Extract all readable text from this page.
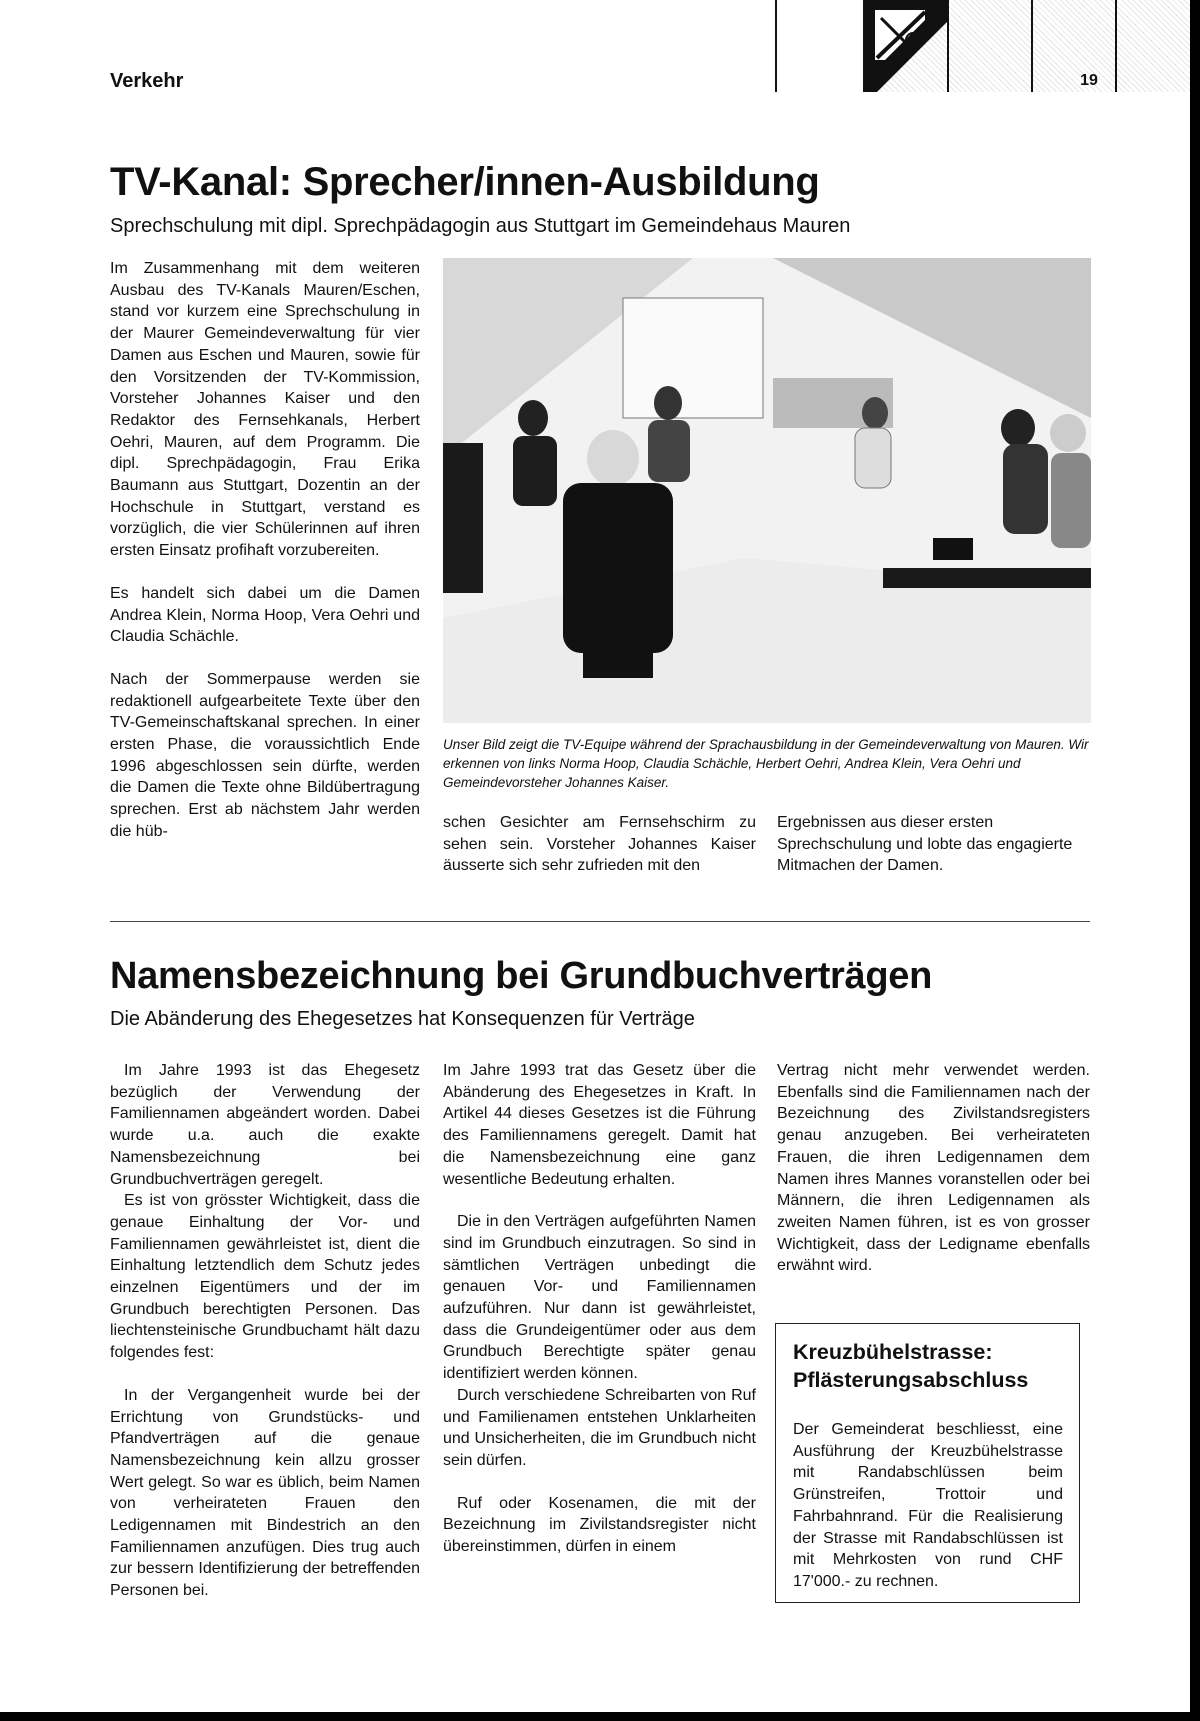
Verkehr	19
TV-Kanal: Sprecher/innen-Ausbildung
Sprechschulung mit dipl. Sprechpädagogin aus Stuttgart im Gemeindehaus Mauren

Im Zusammenhang mit dem weiteren Ausbau des TV-Kanals Mauren/Eschen, stand vor kurzem eine Sprechschulung in der Maurer Gemeindeverwaltung für vier Damen aus Eschen und Mauren, sowie für den Vorsitzenden der TV-Kommission, Vorsteher Johannes Kaiser und den Redaktor des Fernsehkanals, Herbert Oehri, Mauren, auf dem Programm. Die dipl. Sprechpädagogin, Frau Erika Baumann aus Stuttgart, Dozentin an der Hochschule in Stuttgart, verstand es vorzüglich, die vier Schülerinnen auf ihren ersten Einsatz profihaft vorzubereiten.

Es handelt sich dabei um die Damen Andrea Klein, Norma Hoop, Vera Oehri und Claudia Schächle.

Nach der Sommerpause werden sie redaktionell aufgearbeitete Texte über den TV-Gemeinschaftskanal sprechen. In einer ersten Phase, die voraussichtlich Ende 1996 abgeschlossen sein dürfte, werden die Damen die Texte ohne Bildübertragung sprechen. Erst ab nächstem Jahr werden die hüb-

Unser Bild zeigt die TV-Equipe während der Sprachausbildung in der Gemeindeverwaltung von Mauren. Wir erkennen von links Norma Hoop, Claudia Schächle, Herbert Oehri, Andrea Klein, Vera Oehri und Gemeindevorsteher Johannes Kaiser.

schen Gesichter am Fernsehschirm zu sehen sein. Vorsteher Johannes Kaiser äusserte sich sehr zufrieden mit den

Ergebnissen aus dieser ersten Sprechschulung und lobte das engagierte Mitmachen der Damen.

Namensbezeichnung bei Grundbuchverträgen
Die Abänderung des Ehegesetzes hat Konsequenzen für Verträge

Im Jahre 1993 ist das Ehegesetz bezüglich der Verwendung der Familiennamen abgeändert worden. Dabei wurde u.a. auch die exakte Namensbezeichnung bei Grundbuchverträgen geregelt.

Es ist von grösster Wichtigkeit, dass die genaue Einhaltung der Vor- und Familiennamen gewährleistet ist, dient die Einhaltung letztendlich dem Schutz jedes einzelnen Eigentümers und der im Grundbuch berechtigten Personen. Das liechtensteinische Grundbuchamt hält dazu folgendes fest:

In der Vergangenheit wurde bei der Errichtung von Grundstücks- und Pfandverträgen auf die genaue Namensbezeichnung kein allzu grosser Wert gelegt. So war es üblich, beim Namen von verheirateten Frauen den Ledigennamen mit Bindestrich an den Familiennamen anzufügen. Dies trug auch zur bessern Identifizierung der betreffenden Personen bei.

Im Jahre 1993 trat das Gesetz über die Abänderung des Ehegesetzes in Kraft. In Artikel 44 dieses Gesetzes ist die Führung des Familiennamens geregelt. Damit hat die Namensbezeichnung eine ganz wesentliche Bedeutung erhalten.

Die in den Verträgen aufgeführten Namen sind im Grundbuch einzutragen. So sind in sämtlichen Verträgen unbedingt die genauen Vor- und Familiennamen aufzuführen. Nur dann ist gewährleistet, dass die Grundeigentümer oder aus dem Grundbuch Berechtigte später genau identifiziert werden können.

Durch verschiedene Schreibarten von Ruf und Familienamen entstehen Unklarheiten und Unsicherheiten, die im Grundbuch nicht sein dürfen.

Ruf oder Kosenamen, die mit der Bezeichnung im Zivilstandsregister nicht übereinstimmen, dürfen in einem

Vertrag nicht mehr verwendet werden. Ebenfalls sind die Familiennamen nach der Bezeichnung des Zivilstandsregisters genau anzugeben. Bei verheirateten Frauen, die ihren Ledigennamen dem Namen ihres Mannes voranstellen oder bei Männern, die ihren Ledigennamen als zweiten Namen führen, ist es von grosser Wichtigkeit, dass der Ledigname ebenfalls erwähnt wird.

Kreuzbühelstrasse:
Pflästerungsabschluss
Der Gemeinderat beschliesst, eine Ausführung der Kreuzbühelstrasse mit Randabschlüssen beim Grünstreifen, Trottoir und Fahrbahnrand. Für die Realisierung der Strasse mit Randabschlüssen ist mit Mehrkosten von rund CHF 17'000.- zu rechnen.
